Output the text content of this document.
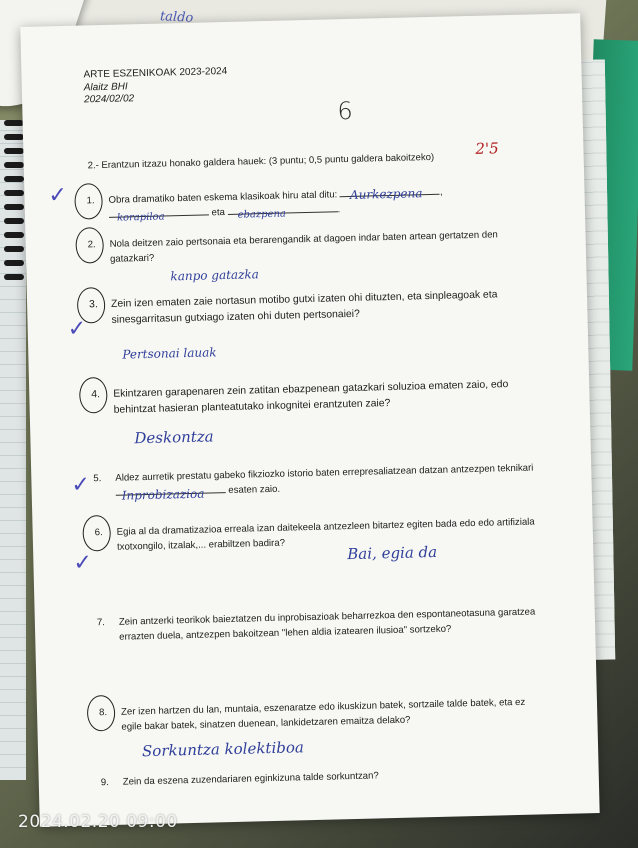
taldo
ARTE ESZENIKOAK 2023-2024
Alaitz BHI
2024/02/02	6
2.- Erantzun itzazu honako galdera hauek: (3 puntu; 0,5 puntu galdera bakoitzeko)
2'5
1. Obra dramatiko baten eskema klasikoak hiru atal ditu: Aurkezpena ,

korapiloa	eta ebazpena	.
✓
2. Nola deitzen zaio pertsonaia eta berarengandik at dagoen indar baten artean gertatzen den gatazkari?
kanpo gatazka
3. Zein izen ematen zaie nortasun motibo gutxi izaten ohi dituzten, eta sinpleagoak eta sinesgarritasun gutxiago izaten ohi duten pertsonaiei?
Pertsonai lauak
✓
4. Ekintzaren garapenaren zein zatitan ebazpenean gatazkari soluzioa ematen zaio, edo behintzat hasieran planteatutako inkognitei erantzuten zaie?
Deskontza
5. Aldez aurretik prestatu gabeko fikziozko istorio baten errepresaliatzean datzan antzezpen teknikari
Inprobizazioa esaten zaio.
✓
6. Egia al da dramatizazioa erreala izan daitekeela antzezleen bitartez egiten bada edo edo artifiziala txotxongilo, itzalak,... erabiltzen badira?	Bai, egia da
✓
7. Zein antzerki teorikok baieztatzen du inprobisazioak beharrezkoa den espontaneotasuna garatzea errazten duela, antzezpen bakoitzean "lehen aldia izatearen ilusioa" sortzeko?
8. Zer izen hartzen du lan, muntaia, eszenaratze edo ikuskizun batek, sortzaile talde batek, eta ez egile bakar batek, sinatzen duenean, lankidetzaren emaitza delako?
Sorkuntza kolektiboa
9. Zein da eszena zuzendariaren eginkizuna talde sorkuntzan?
2024.02.20 09:00
